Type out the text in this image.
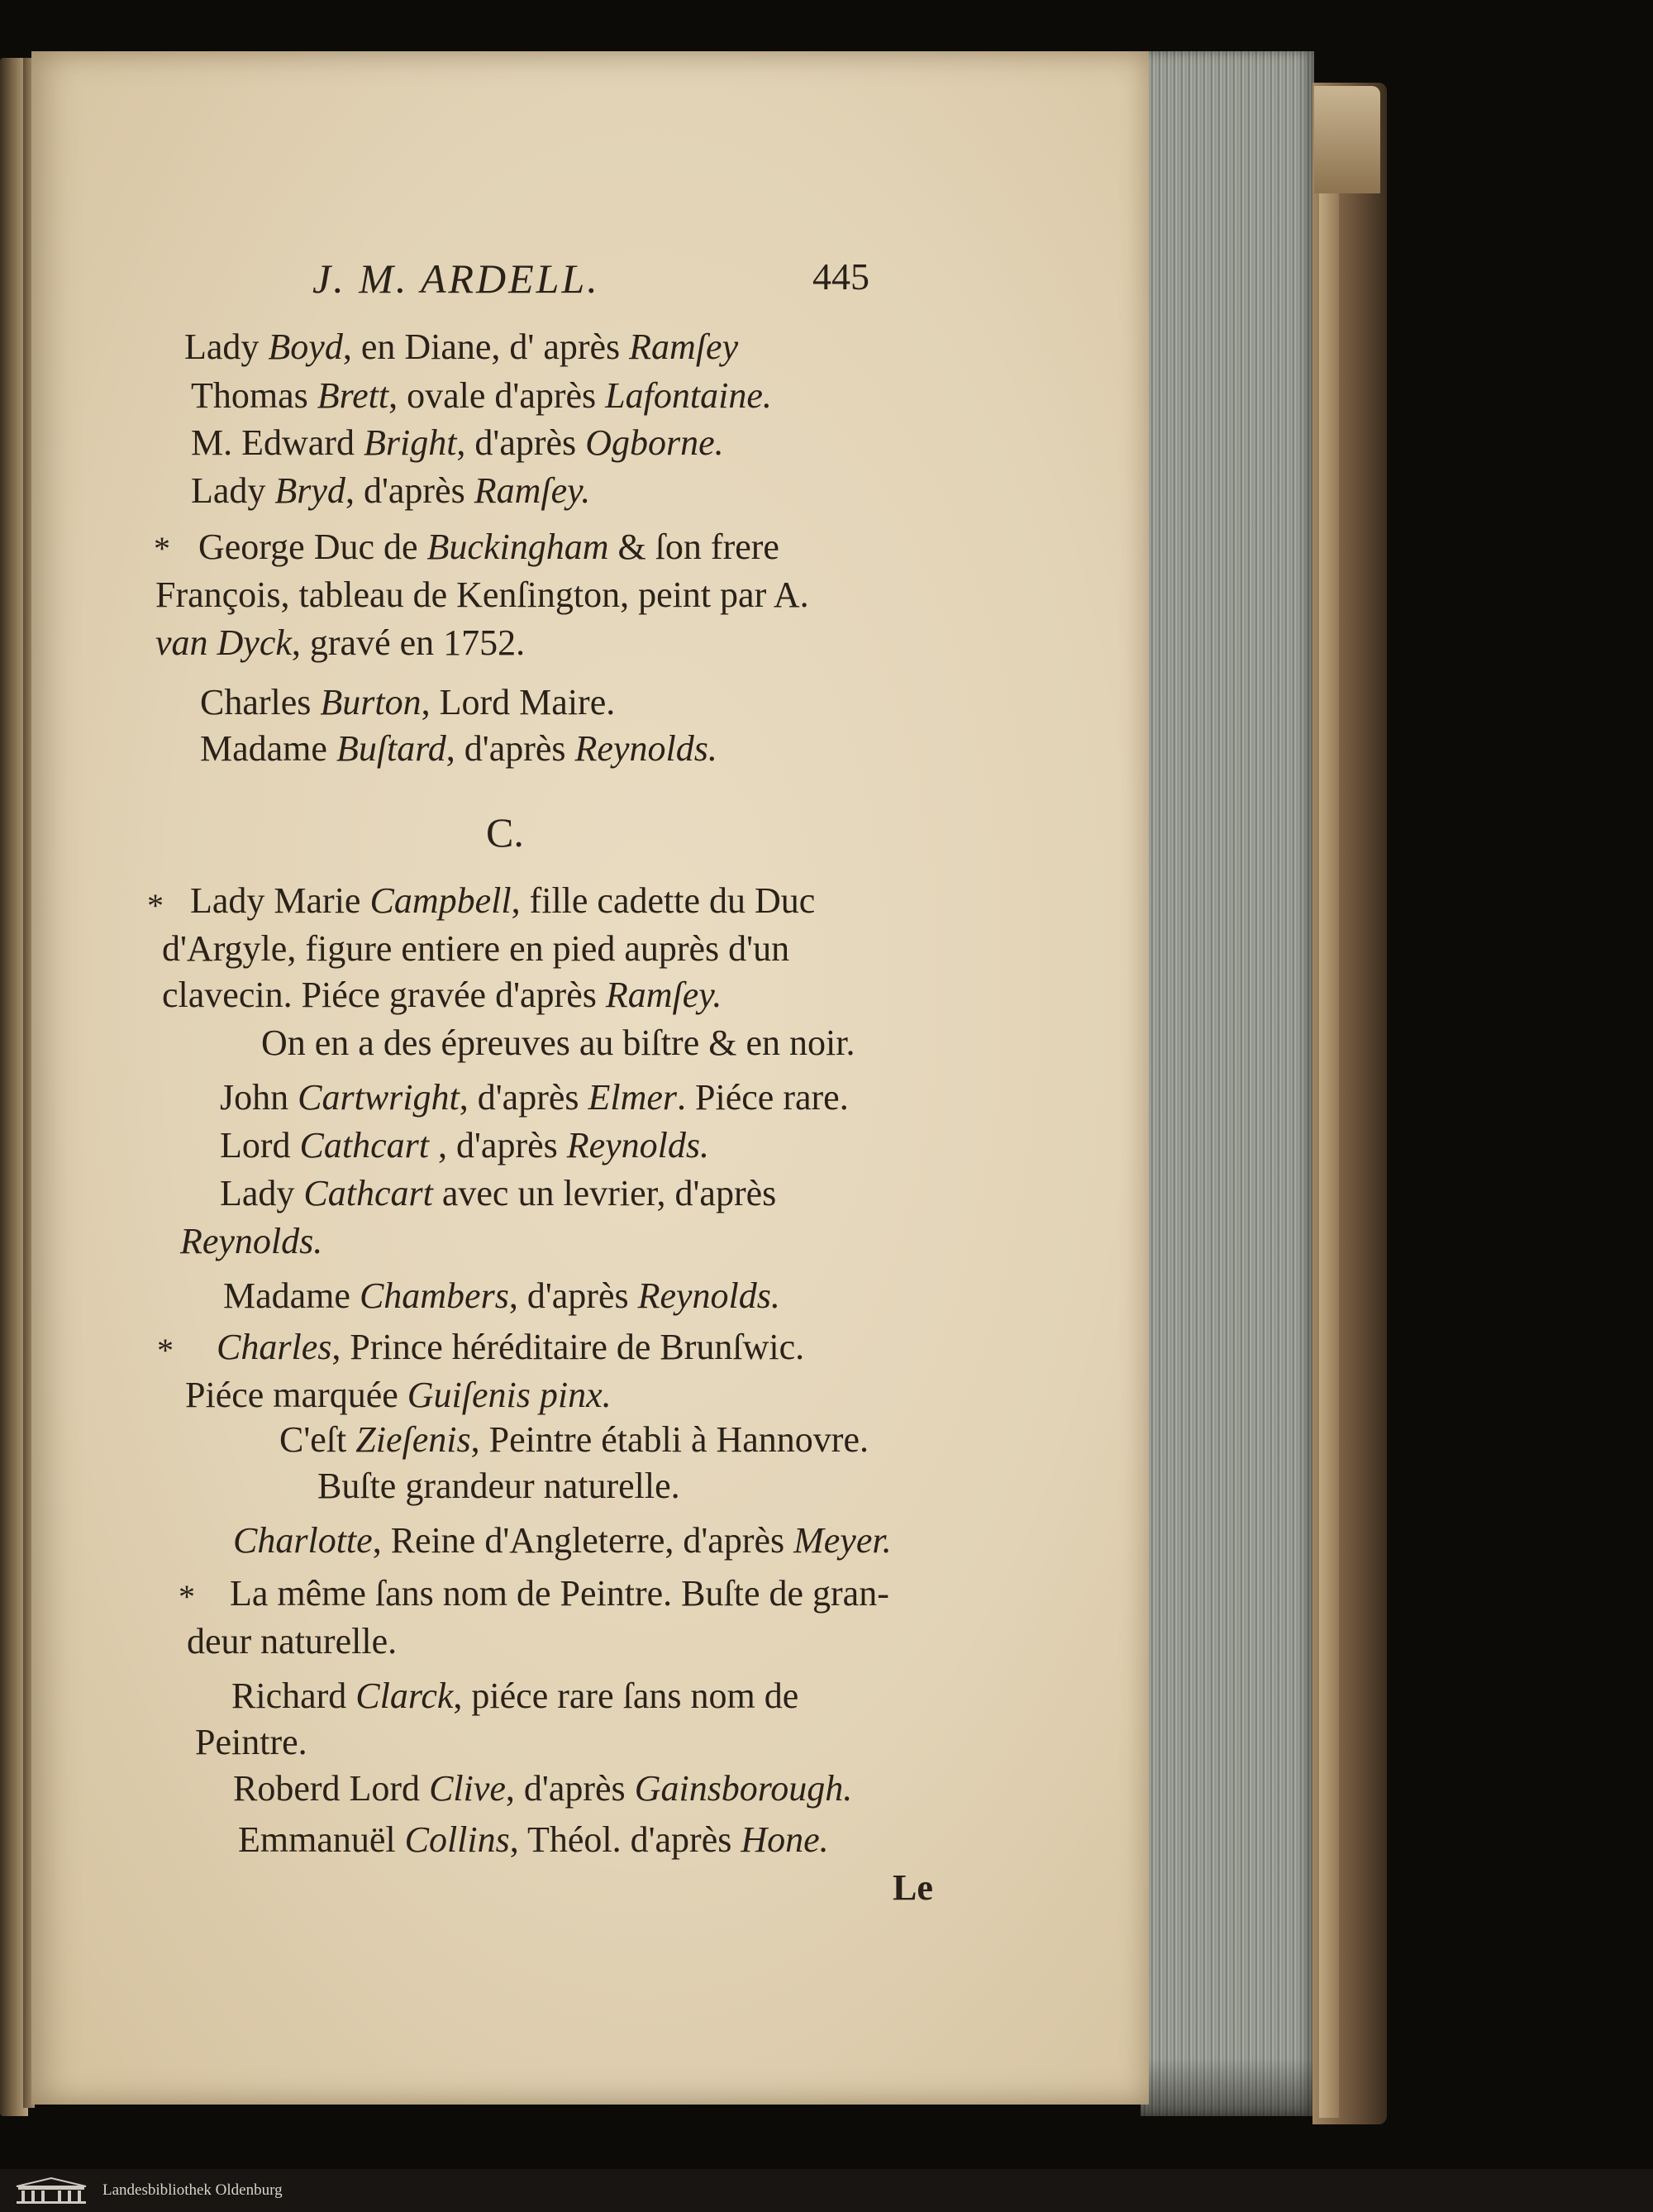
J. M. ARDELL.	445
Lady Boyd, en Diane, d' après Ramſey
Thomas Brett, ovale d'après Lafontaine.
M. Edward Bright, d'après Ogborne.
Lady Bryd, d'après Ramſey.
* George Duc de Buckingham & ſon frere
François, tableau de Kenſington, peint par A.
van Dyck, gravé en 1752.
Charles Burton, Lord Maire.
Madame Buſtard, d'après Reynolds.
C.
* Lady Marie Campbell, fille cadette du Duc
d'Argyle, figure entiere en pied auprès d'un
clavecin. Piéce gravée d'après Ramſey.
On en a des épreuves au biſtre & en noir.
John Cartwright, d'après Elmer. Piéce rare.
Lord Cathcart , d'après Reynolds.
Lady Cathcart avec un levrier, d'après
Reynolds.
Madame Chambers, d'après Reynolds.
* Charles, Prince héréditaire de Brunſwic.
Piéce marquée Guiſenis pinx.
C'eſt Zieſenis, Peintre établi à Hannovre.
Buſte grandeur naturelle.
Charlotte, Reine d'Angleterre, d'après Meyer.
* La même ſans nom de Peintre. Buſte de gran-
deur naturelle.
Richard Clarck, piéce rare ſans nom de
Peintre.
Roberd Lord Clive, d'après Gainsborough.
Emmanuël Collins, Théol. d'après Hone.
Le
Landesbibliothek Oldenburg
